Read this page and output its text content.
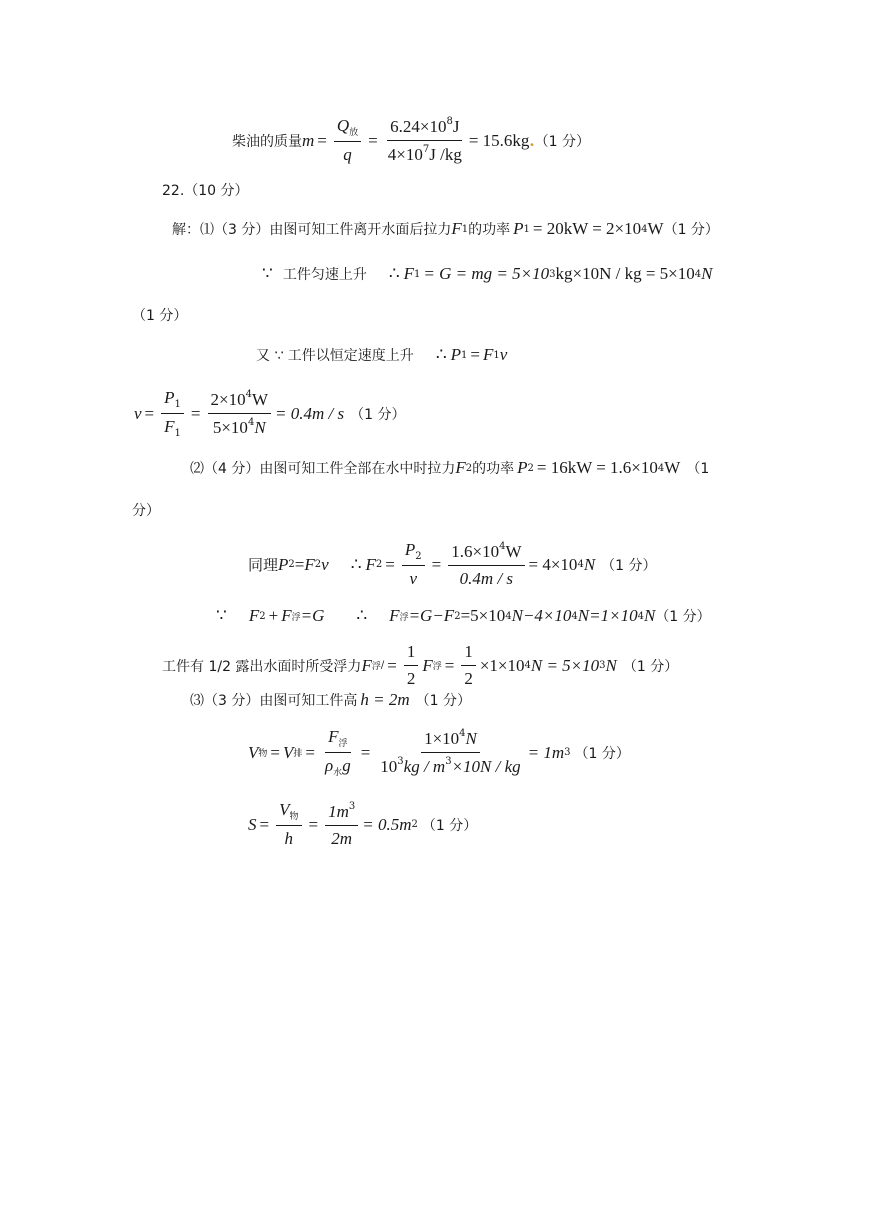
柴油的质量 $m = \frac{Q_放}{q} = \frac{6.24\times 10^8J}{4\times 10^7J /kg} = 15.6kg$ . （1 分）
22.（10 分）
解：⑴（3 分）由图可知工件离开水面后拉力 F 1 的功率 P 1 = 20kW = 2×10 4 W （1 分）
∵ 工件匀速上升 ∴ F 1 = G = mg = 5×10 3 kg×10N / kg = 5×10 4 N
（1 分）
又 ∵ 工件以恒定速度上升 ∴ P 1 = F 1 v
$v = \frac{P_1}{F_1} = \frac{2\times 10^4W}{5\times 10^4N} = 0.4m / s$ （1 分）
⑵（4 分）由图可知工件全部在水中时拉力 F 2 的功率 P 2 = 16kW = 1.6×10 4 W （1
分）
同理 P 2 = F 2 v ∴ F $2 = \frac{P_2}{v} = \frac{1.6\times 10^4W}{0.4m / s} = 4\times 10$ 4 N （1 分）
∵ F 2 + F 浮 =G ∴ F 浮 =G−F 2 =5×10 4 N−4×10 4 N=1×10 4 N （1 分）
工件有 1/2 露出水面时所受浮力 F 浮 / = $\frac{1}{2}$ F 浮 = $\frac{1}{2} \times 1\times 10$ 4 N = 5×10 3 N （1 分）
⑶（3 分）由图可知工件高 h = 2m （1 分）
V 物 = V 排 = $\frac{F_浮}{\rho_水g} = \frac{1\times 10^4N}{10^3kg / m^3\times 10N / kg} = 1m$ 3 （1 分）
$S = \frac{V_物}{h} = \frac{1m^3}{2m} = 0.5m$ 2 （1 分）
